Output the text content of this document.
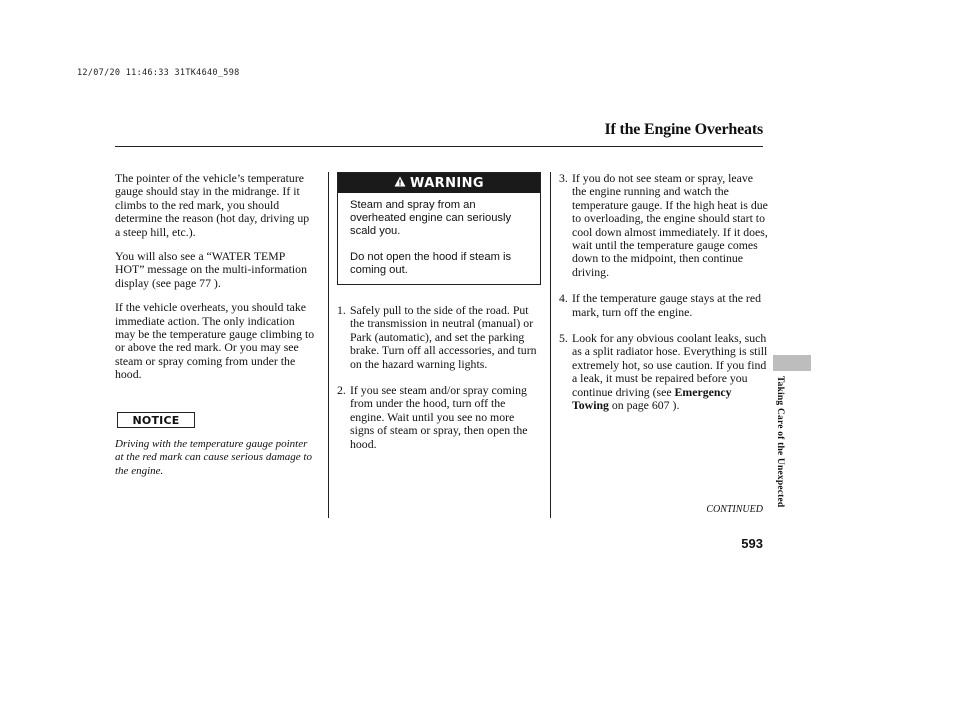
12/07/20 11:46:33 31TK4640_598
If the Engine Overheats

The pointer of the vehicle’s temperature gauge should stay in the midrange. If it climbs to the red mark, you should determine the reason (hot day, driving up a steep hill, etc.).

You will also see a “WATER TEMP HOT” message on the multi-information display (see page 77 ).

If the vehicle overheats, you should take immediate action. The only indication may be the temperature gauge climbing to or above the red mark. Or you may see steam or spray coming from under the hood.

NOTICE
Driving with the temperature gauge pointer at the red mark can cause serious damage to the engine.
WARNING

Steam and spray from an overheated engine can seriously scald you.

Do not open the hood if steam is coming out.

1. Safely pull to the side of the road. Put the transmission in neutral (manual) or Park (automatic), and set the parking brake. Turn off all accessories, and turn on the hazard warning lights.
2. If you see steam and/or spray coming from under the hood, turn off the engine. Wait until you see no more signs of steam or spray, then open the hood.
3. If you do not see steam or spray, leave the engine running and watch the temperature gauge. If the high heat is due to overloading, the engine should start to cool down almost immediately. If it does, wait until the temperature gauge comes down to the midpoint, then continue driving.
4. If the temperature gauge stays at the red mark, turn off the engine.
5. Look for any obvious coolant leaks, such as a split radiator hose. Everything is still extremely hot, so use caution. If you find a leak, it must be repaired before you continue driving (see Emergency Towing on page 607 ).	Taking Care of the Unexpected
CONTINUED
593
